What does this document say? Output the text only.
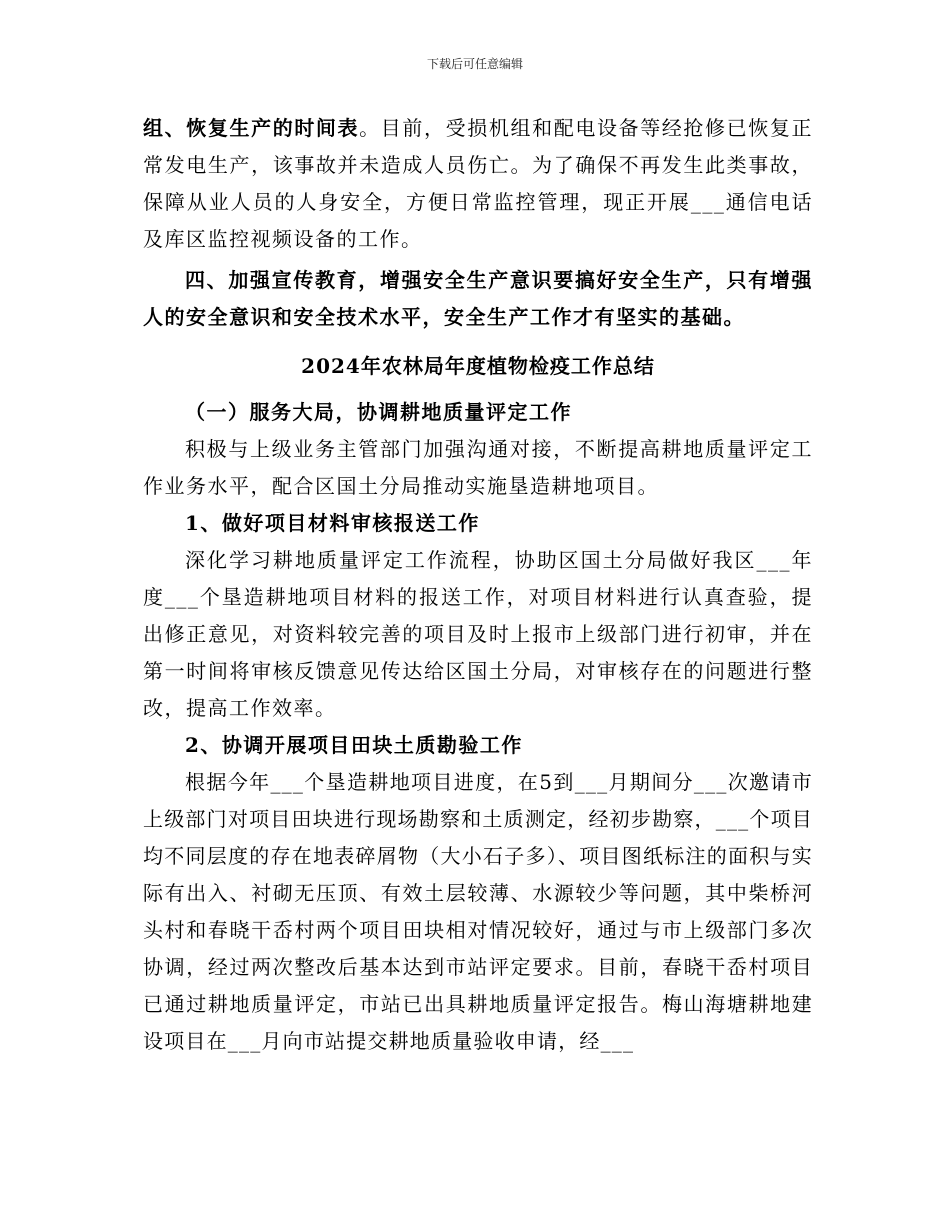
下载后可任意编辑

组、恢复生产的时间表。目前，受损机组和配电设备等经抢修已恢复正常发电生产，该事故并未造成人员伤亡。为了确保不再发生此类事故，保障从业人员的人身安全，方便日常监控管理，现正开展___通信电话及库区监控视频设备的工作。

四、加强宣传教育，增强安全生产意识要搞好安全生产，只有增强人的安全意识和安全技术水平，安全生产工作才有坚实的基础。

2024年农林局年度植物检疫工作总结

（一）服务大局，协调耕地质量评定工作

积极与上级业务主管部门加强沟通对接，不断提高耕地质量评定工作业务水平，配合区国土分局推动实施垦造耕地项目。

1、做好项目材料审核报送工作

深化学习耕地质量评定工作流程，协助区国土分局做好我区___年度___个垦造耕地项目材料的报送工作，对项目材料进行认真查验，提出修正意见，对资料较完善的项目及时上报市上级部门进行初审，并在第一时间将审核反馈意见传达给区国土分局，对审核存在的问题进行整改，提高工作效率。

2、协调开展项目田块土质勘验工作

根据今年___个垦造耕地项目进度，在5到___月期间分___次邀请市上级部门对项目田块进行现场勘察和土质测定，经初步勘察，___个项目均不同层度的存在地表碎屑物（大小石子多）、项目图纸标注的面积与实际有出入、衬砌无压顶、有效土层较薄、水源较少等问题，其中柴桥河头村和春晓干岙村两个项目田块相对情况较好，通过与市上级部门多次协调，经过两次整改后基本达到市站评定要求。目前，春晓干岙村项目已通过耕地质量评定，市站已出具耕地质量评定报告。梅山海塘耕地建设项目在___月向市站提交耕地质量验收申请，经___
